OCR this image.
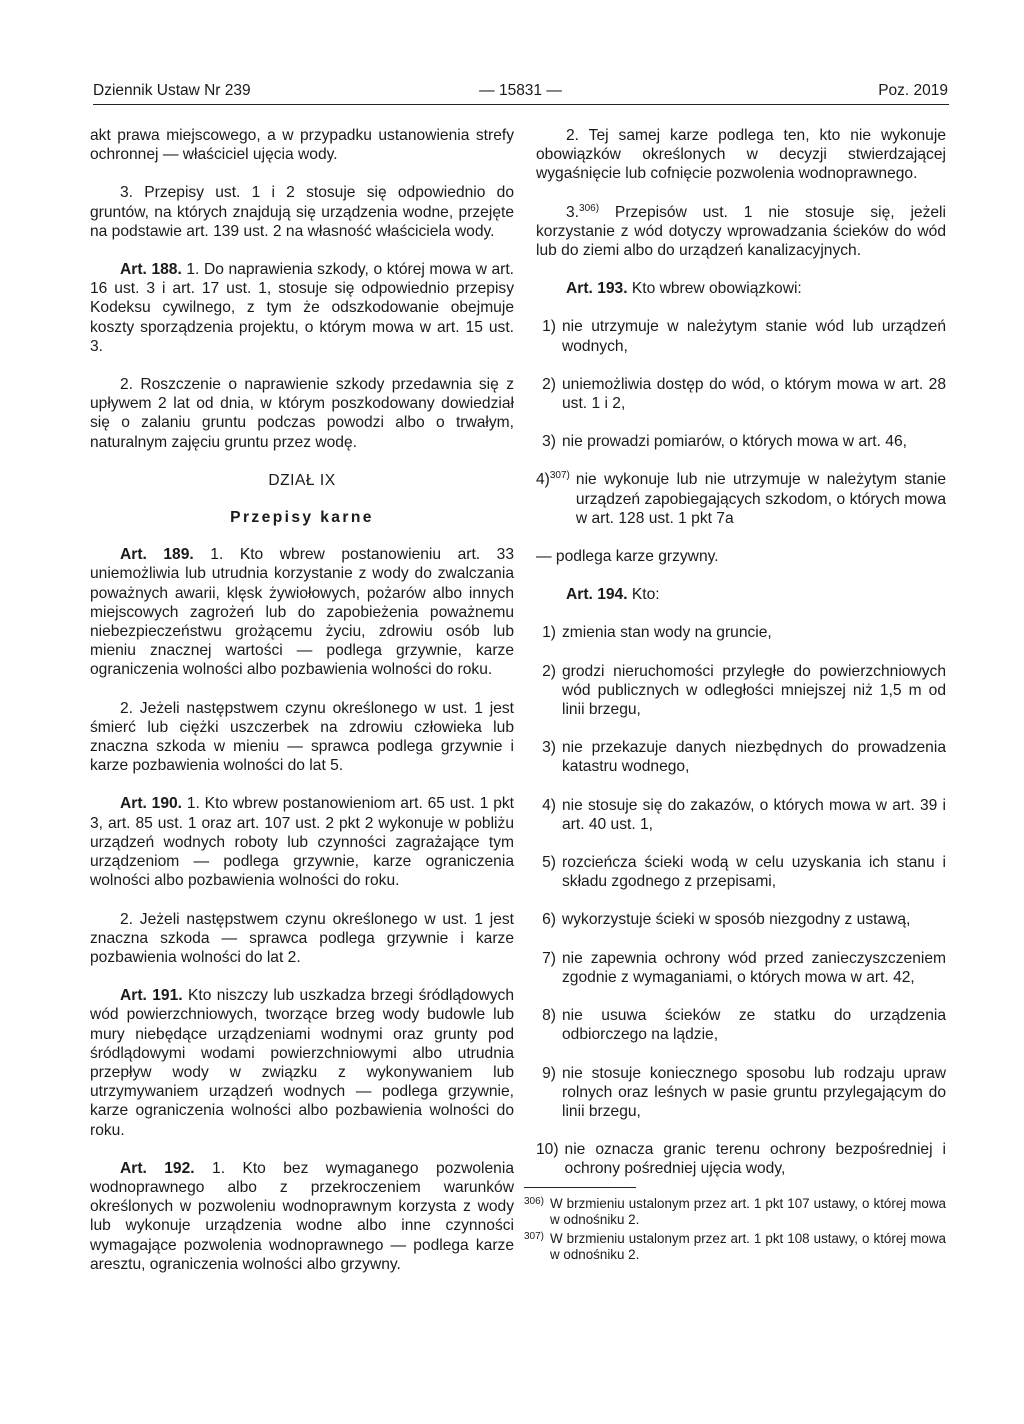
Dziennik Ustaw Nr 239	— 15831 —	Poz. 2019

akt prawa miejscowego, a w przypadku ustanowienia strefy ochronnej — właściciel ujęcia wody.

3. Przepisy ust. 1 i 2 stosuje się odpowiednio do gruntów, na których znajdują się urządzenia wodne, przejęte na podstawie art. 139 ust. 2 na własność właściciela wody.

Art. 188. 1. Do naprawienia szkody, o której mowa w art. 16 ust. 3 i art. 17 ust. 1, stosuje się odpowiednio przepisy Kodeksu cywilnego, z tym że odszkodowanie obejmuje koszty sporządzenia projektu, o którym mowa w art. 15 ust. 3.

2. Roszczenie o naprawienie szkody przedawnia się z upływem 2 lat od dnia, w którym poszkodowany dowiedział się o zalaniu gruntu podczas powodzi albo o trwałym, naturalnym zajęciu gruntu przez wodę.

DZIAŁ IX

Przepisy karne

Art. 189. 1. Kto wbrew postanowieniu art. 33 uniemożliwia lub utrudnia korzystanie z wody do zwalczania poważnych awarii, klęsk żywiołowych, pożarów albo innych miejscowych zagrożeń lub do zapobieżenia poważnemu niebezpieczeństwu grożącemu życiu, zdrowiu osób lub mieniu znacznej wartości — podlega grzywnie, karze ograniczenia wolności albo pozbawienia wolności do roku.

2. Jeżeli następstwem czynu określonego w ust. 1 jest śmierć lub ciężki uszczerbek na zdrowiu człowieka lub znaczna szkoda w mieniu — sprawca podlega grzywnie i karze pozbawienia wolności do lat 5.

Art. 190. 1. Kto wbrew postanowieniom art. 65 ust. 1 pkt 3, art. 85 ust. 1 oraz art. 107 ust. 2 pkt 2 wykonuje w pobliżu urządzeń wodnych roboty lub czynności zagrażające tym urządzeniom — podlega grzywnie, karze ograniczenia wolności albo pozbawienia wolności do roku.

2. Jeżeli następstwem czynu określonego w ust. 1 jest znaczna szkoda — sprawca podlega grzywnie i karze pozbawienia wolności do lat 2.

Art. 191. Kto niszczy lub uszkadza brzegi śródlądowych wód powierzchniowych, tworzące brzeg wody budowle lub mury niebędące urządzeniami wodnymi oraz grunty pod śródlądowymi wodami powierzchniowymi albo utrudnia przepływ wody w związku z wykonywaniem lub utrzymywaniem urządzeń wodnych — podlega grzywnie, karze ograniczenia wolności albo pozbawienia wolności do roku.

Art. 192. 1. Kto bez wymaganego pozwolenia wodnoprawnego albo z przekroczeniem warunków określonych w pozwoleniu wodnoprawnym korzysta z wody lub wykonuje urządzenia wodne albo inne czynności wymagające pozwolenia wodnoprawnego — podlega karze aresztu, ograniczenia wolności albo grzywny.

2. Tej samej karze podlega ten, kto nie wykonuje obowiązków określonych w decyzji stwierdzającej wygaśnięcie lub cofnięcie pozwolenia wodnoprawnego.

3.$^{306)}$ Przepisów ust. 1 nie stosuje się, jeżeli korzystanie z wód dotyczy wprowadzania ścieków do wód lub do ziemi albo do urządzeń kanalizacyjnych.

Art. 193. Kto wbrew obowiązkowi:

1) nie utrzymuje w należytym stanie wód lub urządzeń wodnych,
2) uniemożliwia dostęp do wód, o którym mowa w art. 28 ust. 1 i 2,
3) nie prowadzi pomiarów, o których mowa w art. 46,
4)$^{307)}$ nie wykonuje lub nie utrzymuje w należytym stanie urządzeń zapobiegających szkodom, o których mowa w art. 128 ust. 1 pkt 7a

— podlega karze grzywny.

Art. 194. Kto:

1) zmienia stan wody na gruncie,
2) grodzi nieruchomości przyległe do powierzchniowych wód publicznych w odległości mniejszej niż 1,5 m od linii brzegu,
3) nie przekazuje danych niezbędnych do prowadzenia katastru wodnego,
4) nie stosuje się do zakazów, o których mowa w art. 39 i art. 40 ust. 1,
5) rozcieńcza ścieki wodą w celu uzyskania ich stanu i składu zgodnego z przepisami,
6) wykorzystuje ścieki w sposób niezgodny z ustawą,
7) nie zapewnia ochrony wód przed zanieczyszczeniem zgodnie z wymaganiami, o których mowa w art. 42,
8) nie usuwa ścieków ze statku do urządzenia odbiorczego na lądzie,
9) nie stosuje koniecznego sposobu lub rodzaju upraw rolnych oraz leśnych w pasie gruntu przylegającym do linii brzegu,
10) nie oznacza granic terenu ochrony bezpośredniej i ochrony pośredniej ujęcia wody,
306) W brzmieniu ustalonym przez art. 1 pkt 107 ustawy, o której mowa w odnośniku 2.
307) W brzmieniu ustalonym przez art. 1 pkt 108 ustawy, o której mowa w odnośniku 2.
